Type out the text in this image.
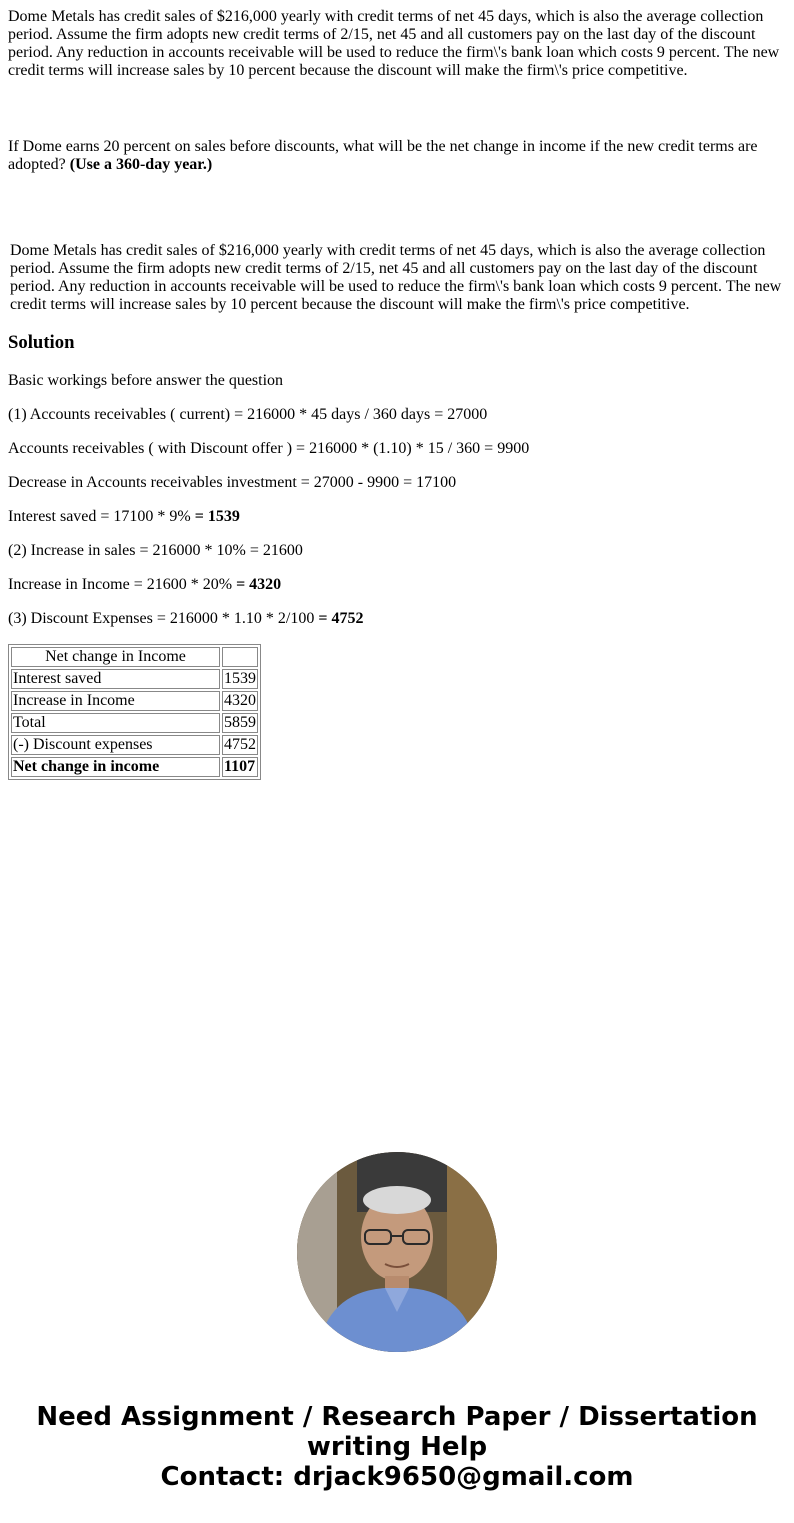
Dome Metals has credit sales of $216,000 yearly with credit terms of net 45 days, which is also the average collection period. Assume the firm adopts new credit terms of 2/15, net 45 and all customers pay on the last day of the discount period. Any reduction in accounts receivable will be used to reduce the firm\'s bank loan which costs 9 percent. The new credit terms will increase sales by 10 percent because the discount will make the firm\'s price competitive.

If Dome earns 20 percent on sales before discounts, what will be the net change in income if the new credit terms are adopted? (Use a 360-day year.)

Dome Metals has credit sales of $216,000 yearly with credit terms of net 45 days, which is also the average collection period. Assume the firm adopts new credit terms of 2/15, net 45 and all customers pay on the last day of the discount period. Any reduction in accounts receivable will be used to reduce the firm\'s bank loan which costs 9 percent. The new credit terms will increase sales by 10 percent because the discount will make the firm\'s price competitive.

Solution

Basic workings before answer the question

(1) Accounts receivables ( current) = 216000 * 45 days / 360 days = 27000

Accounts receivables ( with Discount offer ) = 216000 * (1.10) * 15 / 360 = 9900

Decrease in Accounts receivables investment = 27000 - 9900 = 17100

Interest saved = 17100 * 9% = 1539

(2) Increase in sales = 216000 * 10% = 21600

Increase in Income = 21600 * 20% = 4320

(3) Discount Expenses = 216000 * 1.10 * 2/100 = 4752

Net change in Income	
Interest saved	1539
Increase in Income	4320
Total	5859
(-) Discount expenses	4752
Net change in income	1107
Need Assignment / Research Paper / Dissertation
writing Help
Contact: drjack9650@gmail.com
